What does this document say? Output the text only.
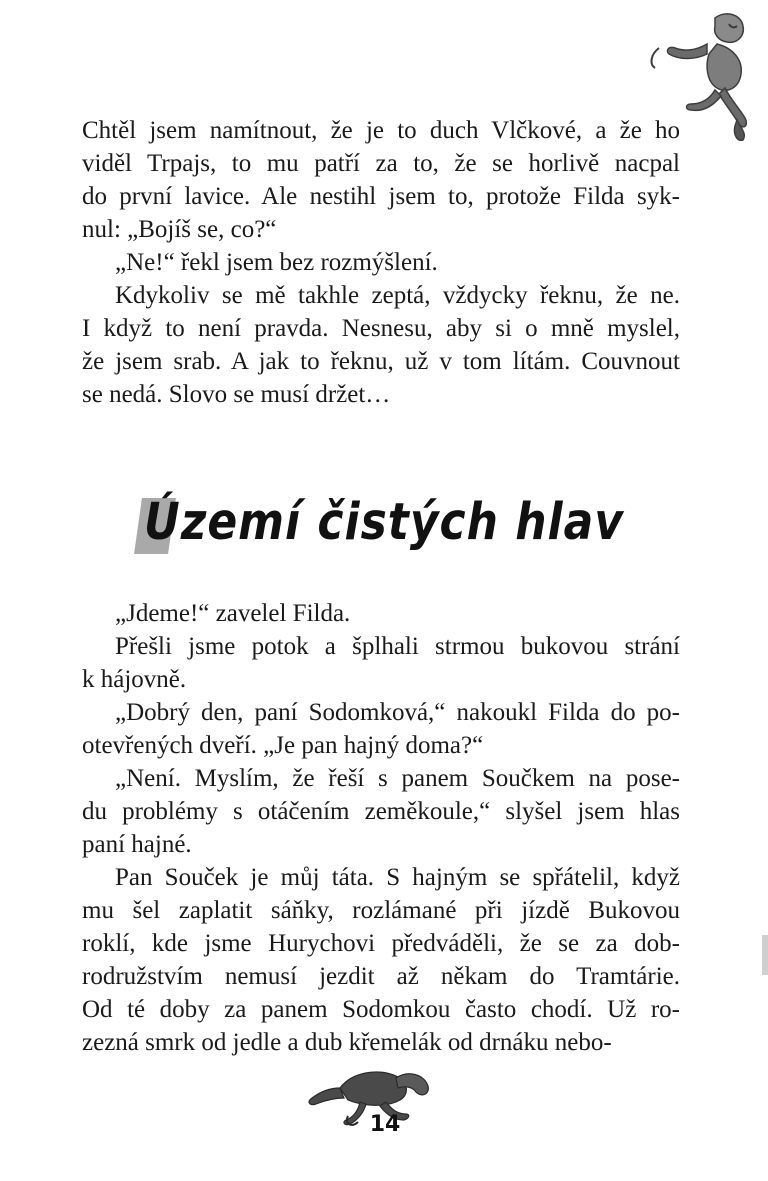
Chtěl jsem namítnout, že je to duch Vlčkové, a že ho
viděl Trpajs, to mu patří za to, že se horlivě nacpal
do první lavice. Ale nestihl jsem to, protože Filda syk-
nul: „Bojíš se, co?“
„Ne!“ řekl jsem bez rozmýšlení.
Kdykoliv se mě takhle zeptá, vždycky řeknu, že ne.
I když to není pravda. Nesnesu, aby si o mně myslel,
že jsem srab. A jak to řeknu, už v tom lítám. Couvnout
se nedá. Slovo se musí držet…
Území čistých hlav
„Jdeme!“ zavelel Filda.
Přešli jsme potok a šplhali strmou bukovou strání
k hájovně.
„Dobrý den, paní Sodomková,“ nakoukl Filda do po-
otevřených dveří. „Je pan hajný doma?“
„Není. Myslím, že řeší s panem Součkem na pose-
du problémy s otáčením zeměkoule,“ slyšel jsem hlas
paní hajné.
Pan Souček je můj táta. S hajným se spřátelil, když
mu šel zaplatit sáňky, rozlámané při jízdě Bukovou
roklí, kde jsme Hurychovi předváděli, že se za dob-
rodružstvím nemusí jezdit až někam do Tramtárie.
Od té doby za panem Sodomkou často chodí. Už ro-
zezná smrk od jedle a dub křemelák od drnáku nebo-
14
